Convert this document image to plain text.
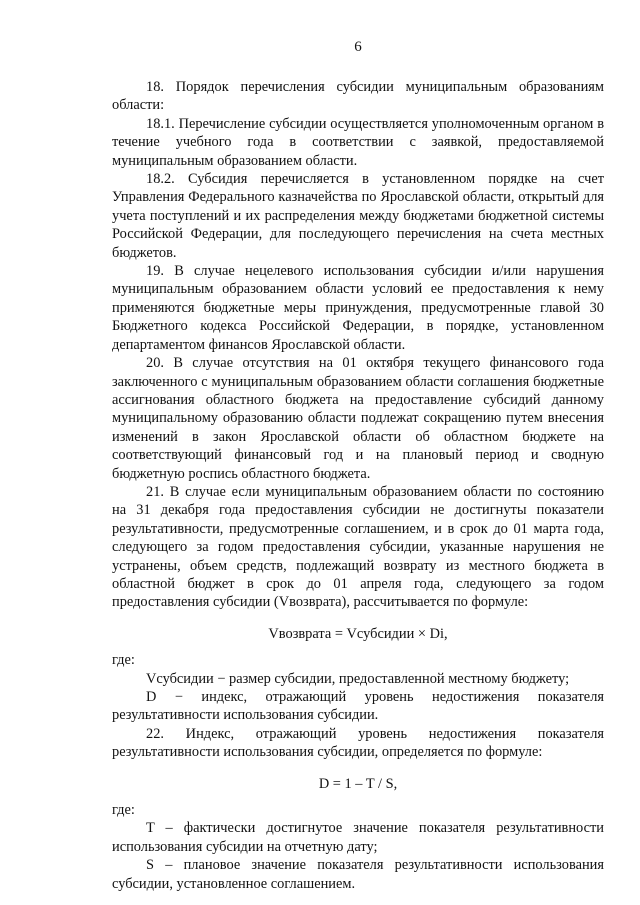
6

18. Порядок перечисления субсидии муниципальным образованиям области:

18.1. Перечисление субсидии осуществляется уполномоченным органом в течение учебного года в соответствии с заявкой, предоставляемой муниципальным образованием области.

18.2. Субсидия перечисляется в установленном порядке на счет Управления Федерального казначейства по Ярославской области, открытый для учета поступлений и их распределения между бюджетами бюджетной системы Российской Федерации, для последующего перечисления на счета местных бюджетов.

19. В случае нецелевого использования субсидии и/или нарушения муниципальным образованием области условий ее предоставления к нему применяются бюджетные меры принуждения, предусмотренные главой 30 Бюджетного кодекса Российской Федерации, в порядке, установленном департаментом финансов Ярославской области.

20. В случае отсутствия на 01 октября текущего финансового года заключенного с муниципальным образованием области соглашения бюджетные ассигнования областного бюджета на предоставление субсидий данному муниципальному образованию области подлежат сокращению путем внесения изменений в закон Ярославской области об областном бюджете на соответствующий финансовый год и на плановый период и сводную бюджетную роспись областного бюджета.

21. В случае если муниципальным образованием области по состоянию на 31 декабря года предоставления субсидии не достигнуты показатели результативности, предусмотренные соглашением, и в срок до 01 марта года, следующего за годом предоставления субсидии, указанные нарушения не устранены, объем средств, подлежащий возврату из местного бюджета в областной бюджет в срок до 01 апреля года, следующего за годом предоставления субсидии (Vвозврата), рассчитывается по формуле:

Vвозврата = Vсубсидии × Di,

где:

Vсубсидии − размер субсидии, предоставленной местному бюджету;

D − индекс, отражающий уровень недостижения показателя результативности использования субсидии.

22. Индекс, отражающий уровень недостижения показателя результативности использования субсидии, определяется по формуле:

D = 1 – T / S,

где:

T – фактически достигнутое значение показателя результативности использования субсидии на отчетную дату;

S – плановое значение показателя результативности использования субсидии, установленное соглашением.
